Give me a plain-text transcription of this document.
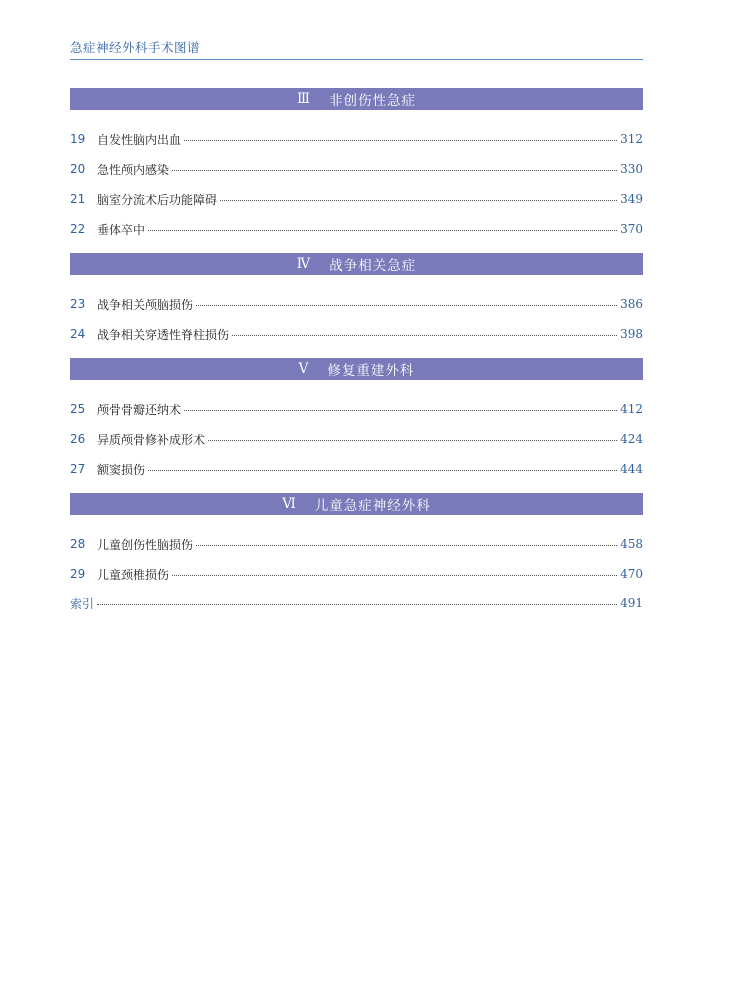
急症神经外科手术图谱
Ⅲ 非创伤性急症
19 自发性脑内出血	312
20 急性颅内感染	330
21 脑室分流术后功能障碍	349
22 垂体卒中	370
Ⅳ 战争相关急症
23 战争相关颅脑损伤	386
24 战争相关穿透性脊柱损伤	398
Ⅴ 修复重建外科
25 颅骨骨瓣还纳术	412
26 异质颅骨修补成形术	424
27 额窦损伤	444
Ⅵ 儿童急症神经外科
28 儿童创伤性脑损伤	458
29 儿童颈椎损伤	470
索引	491
